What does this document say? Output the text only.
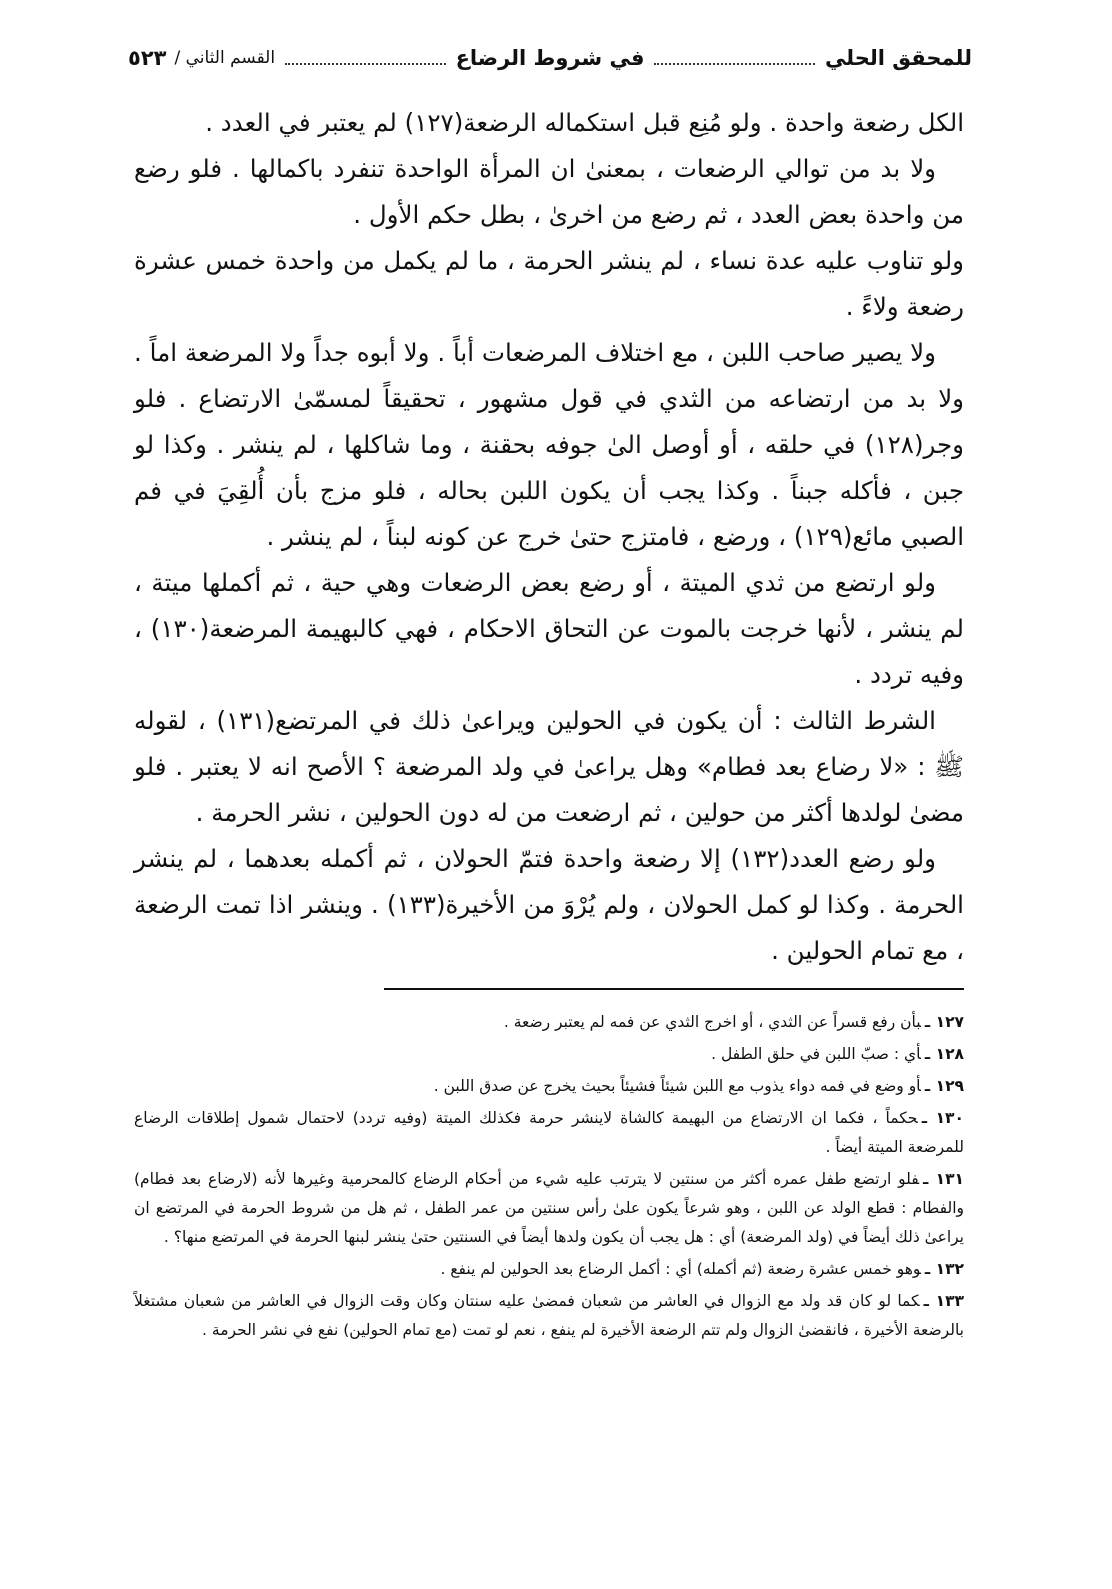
للمحقق الحلي
في شروط الرضاع
القسم الثاني /
٥٢٣

الكل رضعة واحدة . ولو مُنِع قبل استكماله الرضعة(١٢٧) لم يعتبر في العدد .

ولا بد من توالي الرضعات ، بمعنىٰ ان المرأة الواحدة تنفرد باكمالها . فلو رضع من واحدة بعض العدد ، ثم رضع من اخرىٰ ، بطل حكم الأول .

ولو تناوب عليه عدة نساء ، لم ينشر الحرمة ، ما لم يكمل من واحدة خمس عشرة رضعة ولاءً .

ولا يصير صاحب اللبن ، مع اختلاف المرضعات أباً . ولا أبوه جداً ولا المرضعة اماً . ولا بد من ارتضاعه من الثدي في قول مشهور ، تحقيقاً لمسمّىٰ الارتضاع . فلو وجر(١٢٨) في حلقه ، أو أوصل الىٰ جوفه بحقنة ، وما شاكلها ، لم ينشر . وكذا لو جبن ، فأكله جبناً . وكذا يجب أن يكون اللبن بحاله ، فلو مزج بأن أُلقِيَ في فم الصبي مائع(١٢٩) ، ورضع ، فامتزج حتىٰ خرج عن كونه لبناً ، لم ينشر .

ولو ارتضع من ثدي الميتة ، أو رضع بعض الرضعات وهي حية ، ثم أكملها ميتة ، لم ينشر ، لأنها خرجت بالموت عن التحاق الاحكام ، فهي كالبهيمة المرضعة(١٣٠) ، وفيه تردد .

الشرط الثالث : أن يكون في الحولين ويراعىٰ ذلك في المرتضع(١٣١) ، لقوله ﷺ : «لا رضاع بعد فطام» وهل يراعىٰ في ولد المرضعة ؟ الأصح انه لا يعتبر . فلو مضىٰ لولدها أكثر من حولين ، ثم ارضعت من له دون الحولين ، نشر الحرمة .

ولو رضع العدد(١٣٢) إلا رضعة واحدة فتمّ الحولان ، ثم أكمله بعدهما ، لم ينشر الحرمة . وكذا لو كمل الحولان ، ولم يُرْوَ من الأخيرة(١٣٣) . وينشر اذا تمت الرضعة ، مع تمام الحولين .

١٢٧ ـبأن رفع قسراً عن الثدي ، أو اخرج الثدي عن فمه لم يعتبر رضعة .
١٢٨ ـأي : صبّ اللبن في حلق الطفل .
١٢٩ ـأو وضع في فمه دواء يذوب مع اللبن شيئاً فشيئاً بحيث يخرج عن صدق اللبن .
١٣٠ ـحكماً ، فكما ان الارتضاع من البهيمة كالشاة لاينشر حرمة فكذلك الميتة (وفيه تردد) لاحتمال شمول إطلاقات الرضاع للمرضعة الميتة أيضاً .
١٣١ ـفلو ارتضع طفل عمره أكثر من سنتين لا يترتب عليه شيء من أحكام الرضاع كالمحرمية وغيرها لأنه (لارضاع بعد فطام) والفطام : قطع الولد عن اللبن ، وهو شرعاً يكون علىٰ رأس سنتين من عمر الطفل ، ثم هل من شروط الحرمة في المرتضع ان يراعىٰ ذلك أيضاً في (ولد المرضعة) أي : هل يجب أن يكون ولدها أيضاً في السنتين حتىٰ ينشر لبنها الحرمة في المرتضع منها؟ .
١٣٢ ـوهو خمس عشرة رضعة (ثم أكمله) أي : أكمل الرضاع بعد الحولين لم ينفع .
١٣٣ ـكما لو كان قد ولد مع الزوال في العاشر من شعبان فمضىٰ عليه سنتان وكان وقت الزوال في العاشر من شعبان مشتغلاً بالرضعة الأخيرة ، فانقضىٰ الزوال ولم تتم الرضعة الأخيرة لم ينفع ، نعم لو تمت (مع تمام الحولين) نفع في نشر الحرمة .
